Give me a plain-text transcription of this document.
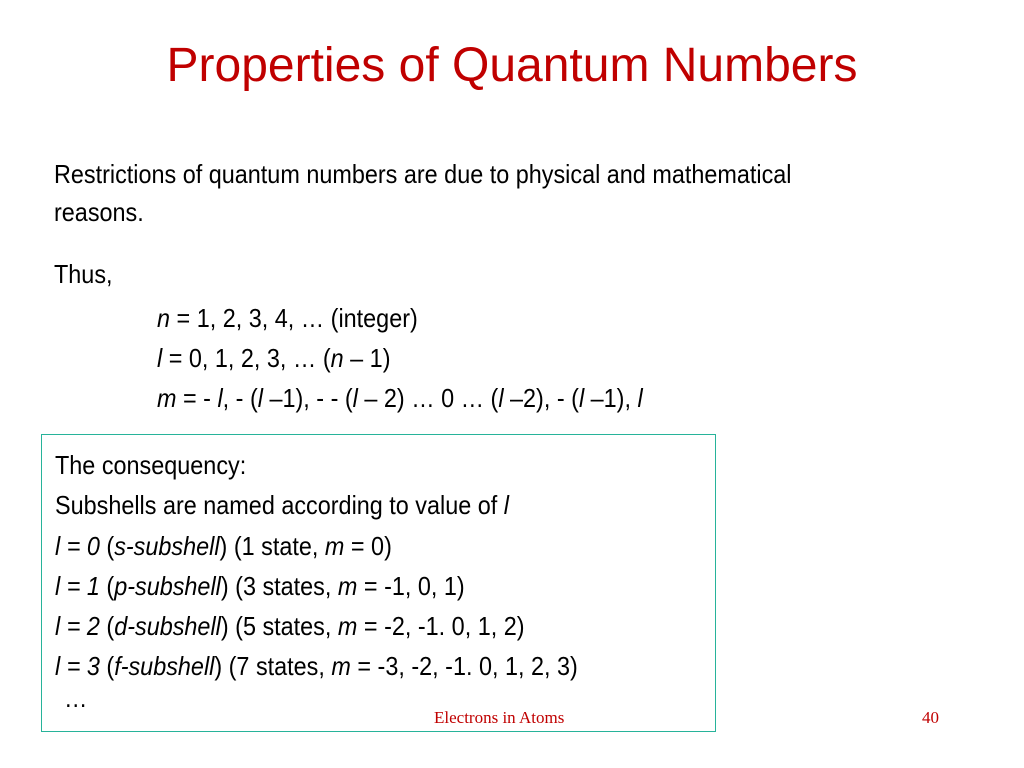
Properties of Quantum Numbers
Restrictions of quantum numbers are due to physical and mathematical
reasons.
Thus,
n = 1, 2, 3, 4, … (integer)
l = 0, 1, 2, 3, … (n – 1)
m = - l, - (l –1), - - (l – 2) … 0 … (l –2), - (l –1), l
The consequency:
Subshells are named according to value of l
l = 0 (s-subshell) (1 state, m = 0)
l = 1 (p-subshell) (3 states, m = -1, 0, 1)
l = 2 (d-subshell) (5 states, m = -2, -1. 0, 1, 2)
l = 3 (f-subshell) (7 states, m = -3, -2, -1. 0, 1, 2, 3)
…
Electrons in Atoms	40
